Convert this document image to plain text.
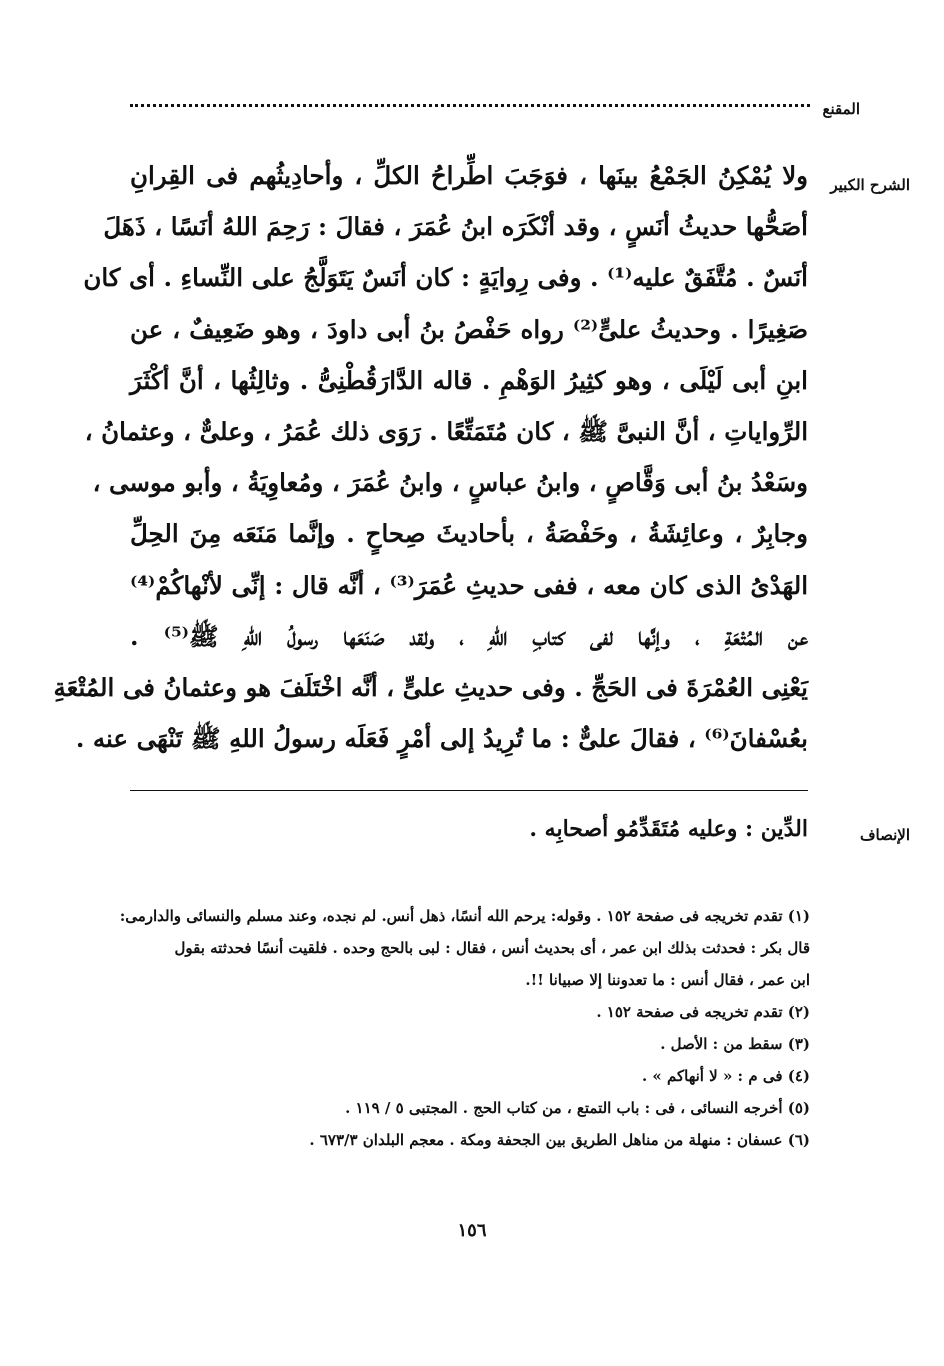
المقنع
الشرح الكبير
ولا يُمْكِنُ الجَمْعُ بينَها ، فوَجَبَ اطِّراحُ الكلِّ ، وأحادِيثُهم فى القِرانِ
أصَحُّها حديثُ أنَسٍ ، وقد أنْكَرَه ابنُ عُمَرَ ، فقالَ : رَحِمَ اللهُ أنَسًا ، ذَهَلَ
أنَسٌ . مُتَّفَقٌ عليه⁽¹⁾ . وفى رِوايَةٍ : كان أنَسٌ يَتَوَلَّجُ على النِّساءِ . أى كان
صَغِيرًا . وحديثُ علىٍّ⁽²⁾ رواه حَفْصُ بنُ أبى داودَ ، وهو ضَعِيفٌ ، عن
ابنِ أبى لَيْلَى ، وهو كثِيرُ الوَهْمِ . قاله الدَّارَقُطْنِىُّ . وثالِثُها ، أنَّ أكْثَرَ
الرِّواياتِ ، أنَّ النبىَّ ﷺ ، كان مُتَمَتِّعًا . رَوَى ذلك عُمَرُ ، وعلىٌّ ، وعثمانُ ،
وسَعْدُ بنُ أبى وَقَّاصٍ ، وابنُ عباسٍ ، وابنُ عُمَرَ ، ومُعاوِيَةُ ، وأبو موسى ،
وجابِرٌ ، وعائِشَةُ ، وحَفْصَةُ ، بأحاديثَ صِحاحٍ . وإنَّما مَنَعَه مِنَ الحِلِّ
الهَدْىُ الذى كان معه ، ففى حديثِ عُمَرَ⁽³⁾ ، أنَّه قال : إنِّى لأنْهاكُمْ⁽⁴⁾
عن المُتْعَةِ ، وإنَّها لفى كتابِ اللهِ ، ولقد صَنَعَها رسولُ اللهِ ﷺ⁽⁵⁾ .
يَعْنِى العُمْرَةَ فى الحَجِّ . وفى حديثِ علىٍّ ، أنَّه اخْتَلَفَ هو وعثمانُ فى المُتْعَةِ
بعُسْفانَ⁽⁶⁾ ، فقالَ علىٌّ : ما تُرِيدُ إلى أمْرٍ فَعَلَه رسولُ اللهِ ﷺ تَنْهَى عنه .
الإنصاف
الدِّين : وعليه مُتَقَدِّمُو أصحابِه .
(١) تقدم تخريجه فى صفحة ١٥٢ . وقوله: يرحم الله أنسًا، ذهل أنس. لم نجده، وعند مسلم والنسائى والدارمى:
قال بكر : فحدثت بذلك ابن عمر ، أى بحديث أنس ، فقال : لبى بالحج وحده . فلقيت أنسًا فحدثته بقول
ابن عمر ، فقال أنس : ما تعدوننا إلا صبيانا !!.
(٢) تقدم تخريجه فى صفحة ١٥٢ .
(٣) سقط من : الأصل .
(٤) فى م : « لا أنهاكم » .
(٥) أخرجه النسائى ، فى : باب التمتع ، من كتاب الحج . المجتبى ٥ / ١١٩ .
(٦) عسفان : منهلة من مناهل الطريق بين الجحفة ومكة . معجم البلدان ٦٧٣/٣ .
١٥٦
